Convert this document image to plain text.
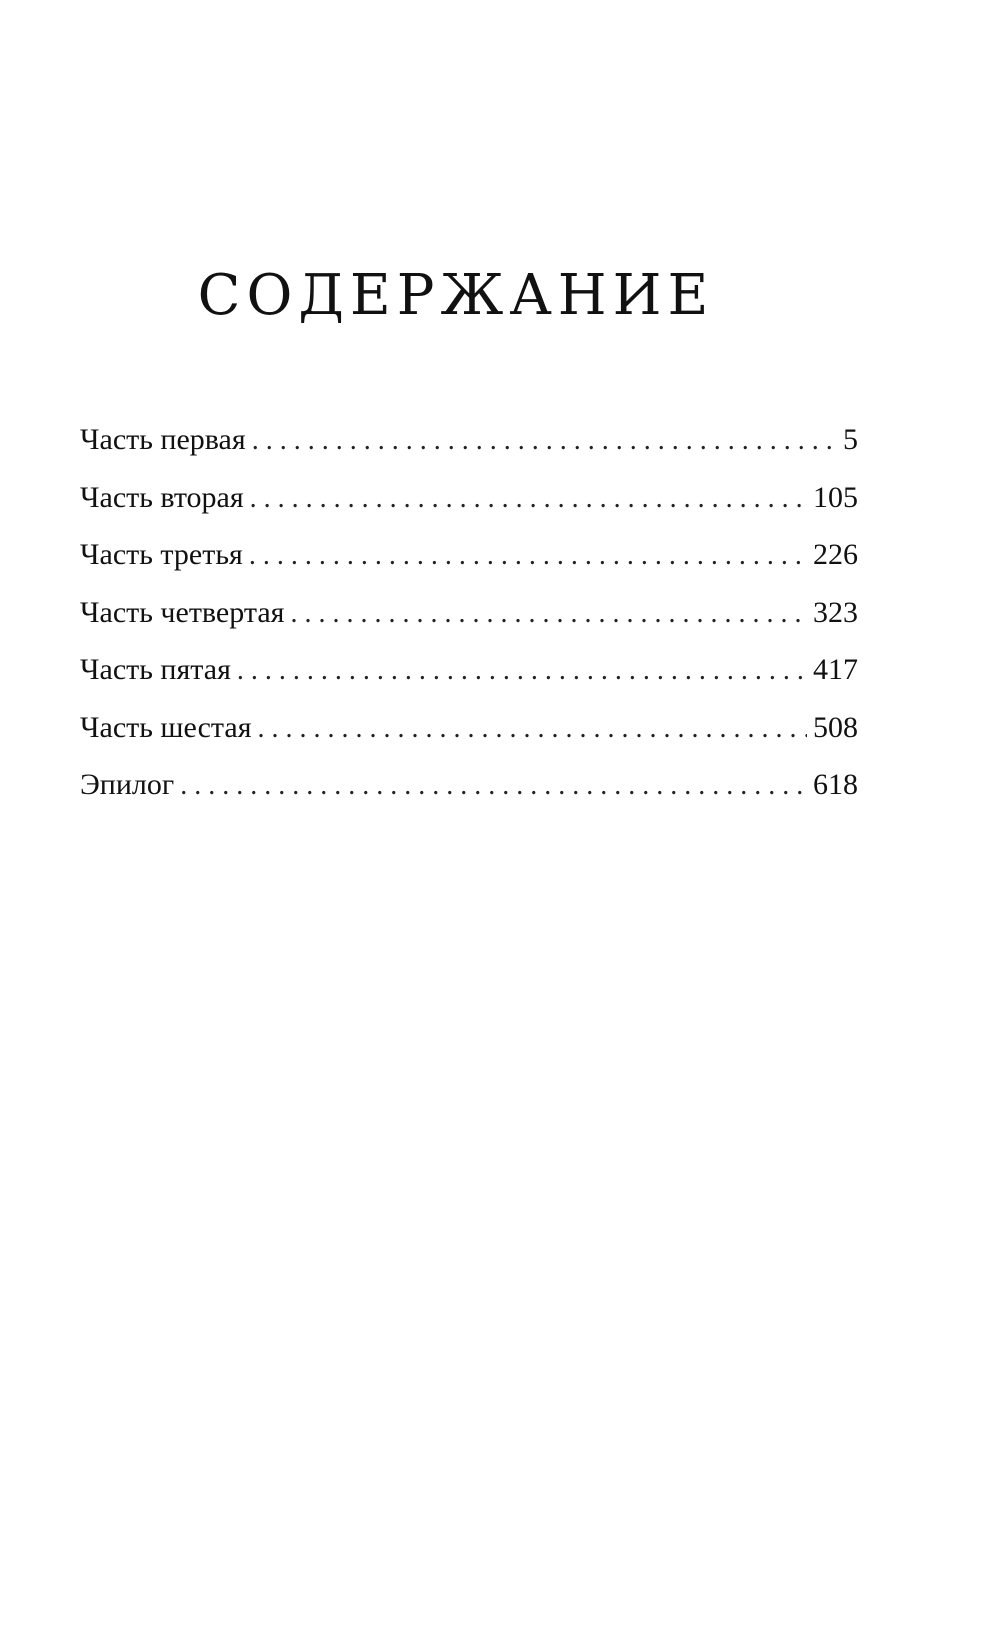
СОДЕРЖАНИЕ
Часть первая . . .	5
Часть вторая . . .	105
Часть третья . . .	226
Часть четвертая . . .	323
Часть пятая . . .	417
Часть шестая . . .	508
Эпилог . . .	618
